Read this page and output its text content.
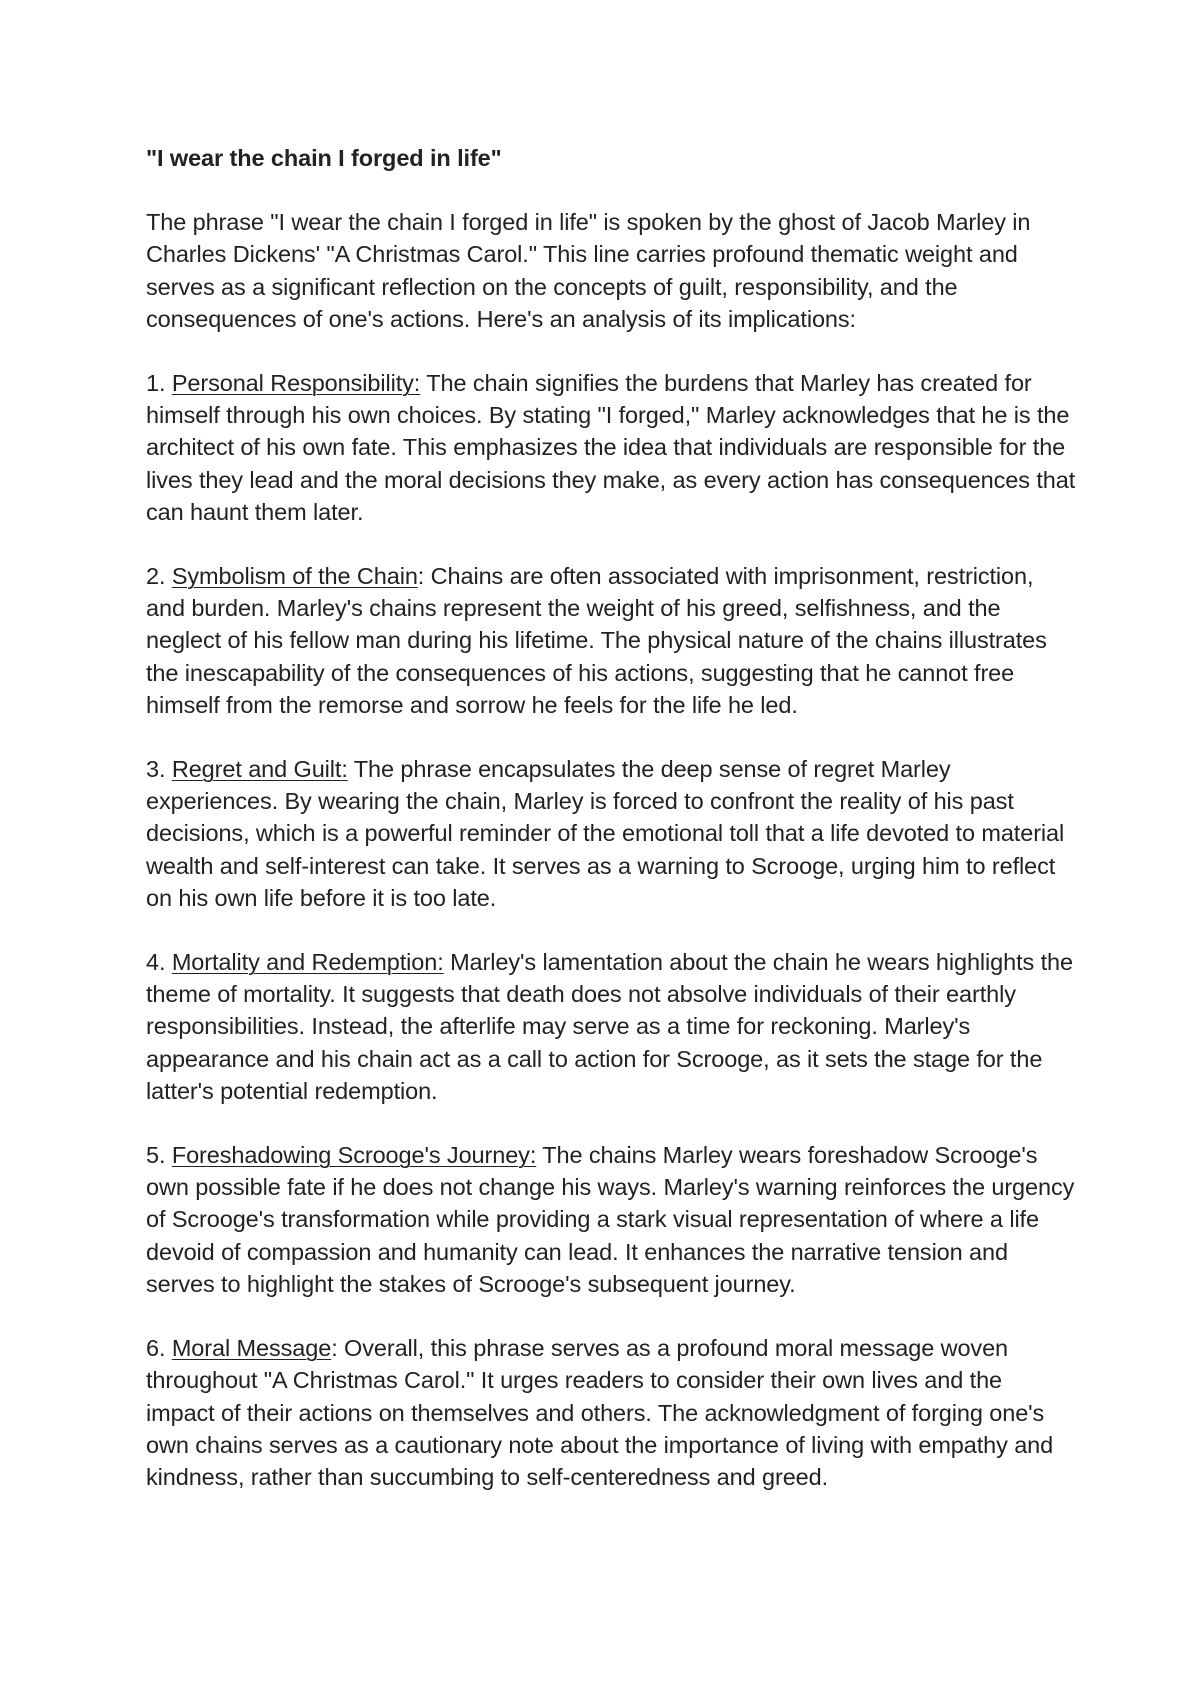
"I wear the chain I forged in life"
The phrase "I wear the chain I forged in life" is spoken by the ghost of Jacob Marley in Charles Dickens' "A Christmas Carol." This line carries profound thematic weight and serves as a significant reflection on the concepts of guilt, responsibility, and the consequences of one's actions. Here's an analysis of its implications:
1. Personal Responsibility: The chain signifies the burdens that Marley has created for himself through his own choices. By stating "I forged," Marley acknowledges that he is the architect of his own fate. This emphasizes the idea that individuals are responsible for the lives they lead and the moral decisions they make, as every action has consequences that can haunt them later.
2. Symbolism of the Chain: Chains are often associated with imprisonment, restriction, and burden. Marley's chains represent the weight of his greed, selfishness, and the neglect of his fellow man during his lifetime. The physical nature of the chains illustrates the inescapability of the consequences of his actions, suggesting that he cannot free himself from the remorse and sorrow he feels for the life he led.
3. Regret and Guilt: The phrase encapsulates the deep sense of regret Marley experiences. By wearing the chain, Marley is forced to confront the reality of his past decisions, which is a powerful reminder of the emotional toll that a life devoted to material wealth and self-interest can take. It serves as a warning to Scrooge, urging him to reflect on his own life before it is too late.
4. Mortality and Redemption: Marley's lamentation about the chain he wears highlights the theme of mortality. It suggests that death does not absolve individuals of their earthly responsibilities. Instead, the afterlife may serve as a time for reckoning. Marley's appearance and his chain act as a call to action for Scrooge, as it sets the stage for the latter's potential redemption.
5. Foreshadowing Scrooge's Journey: The chains Marley wears foreshadow Scrooge's own possible fate if he does not change his ways. Marley's warning reinforces the urgency of Scrooge's transformation while providing a stark visual representation of where a life devoid of compassion and humanity can lead. It enhances the narrative tension and serves to highlight the stakes of Scrooge's subsequent journey.
6. Moral Message: Overall, this phrase serves as a profound moral message woven throughout "A Christmas Carol." It urges readers to consider their own lives and the impact of their actions on themselves and others. The acknowledgment of forging one's own chains serves as a cautionary note about the importance of living with empathy and kindness, rather than succumbing to self-centeredness and greed.
